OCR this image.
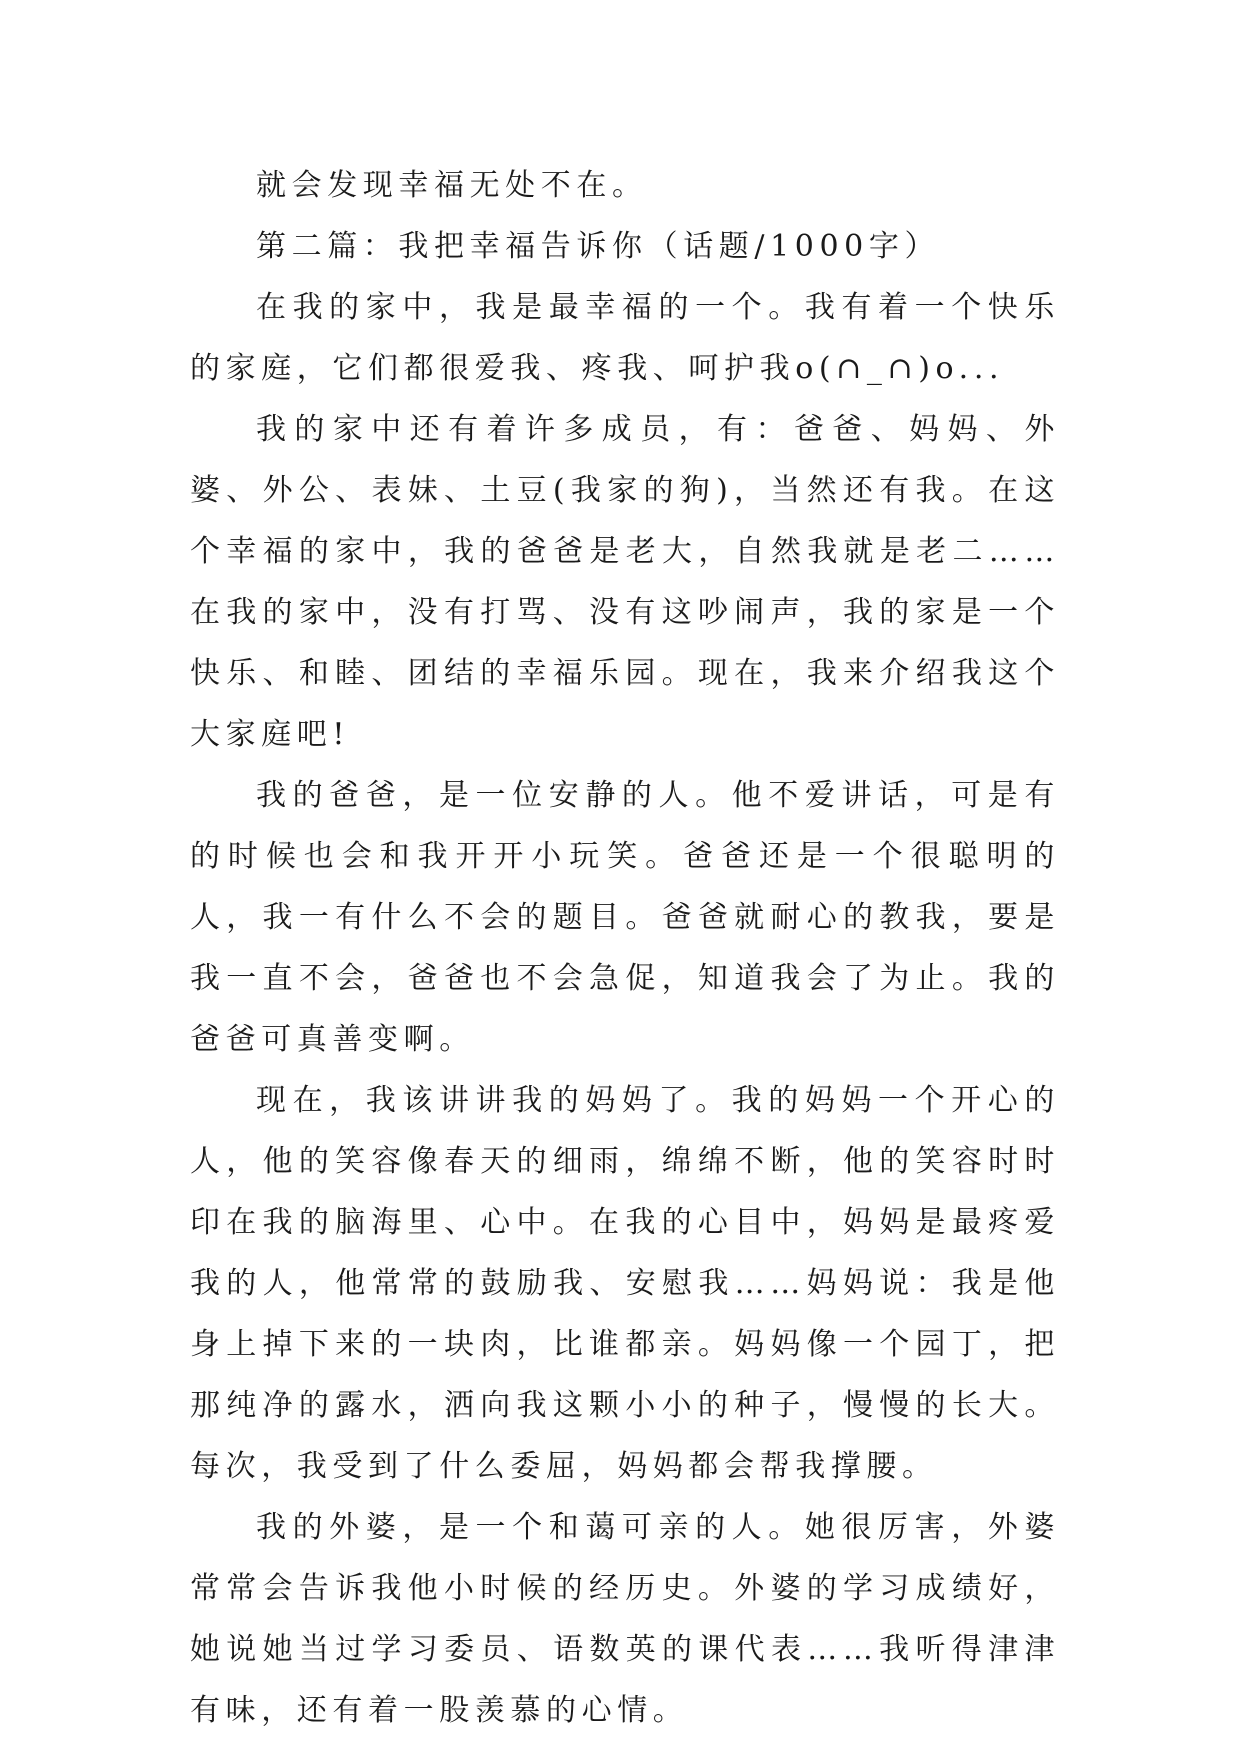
就会发现幸福无处不在。

第二篇：我把幸福告诉你（话题/1000字）

在我的家中，我是最幸福的一个。我有着一个快乐的家庭，它们都很爱我、疼我、呵护我o(∩_∩)o...

我的家中还有着许多成员，有：爸爸、妈妈、外婆、外公、表妹、土豆(我家的狗)，当然还有我。在这个幸福的家中，我的爸爸是老大，自然我就是老二……在我的家中，没有打骂、没有这吵闹声，我的家是一个快乐、和睦、团结的幸福乐园。现在，我来介绍我这个大家庭吧!

我的爸爸，是一位安静的人。他不爱讲话，可是有的时候也会和我开开小玩笑。爸爸还是一个很聪明的人，我一有什么不会的题目。爸爸就耐心的教我，要是我一直不会，爸爸也不会急促，知道我会了为止。我的爸爸可真善变啊。

现在，我该讲讲我的妈妈了。我的妈妈一个开心的人，他的笑容像春天的细雨，绵绵不断，他的笑容时时印在我的脑海里、心中。在我的心目中，妈妈是最疼爱我的人，他常常的鼓励我、安慰我……妈妈说：我是他身上掉下来的一块肉，比谁都亲。妈妈像一个园丁，把那纯净的露水，洒向我这颗小小的种子，慢慢的长大。每次，我受到了什么委屈，妈妈都会帮我撑腰。

我的外婆，是一个和蔼可亲的人。她很厉害，外婆常常会告诉我他小时候的经历史。外婆的学习成绩好，她说她当过学习委员、语数英的课代表……我听得津津有味，还有着一股羡慕的心情。
